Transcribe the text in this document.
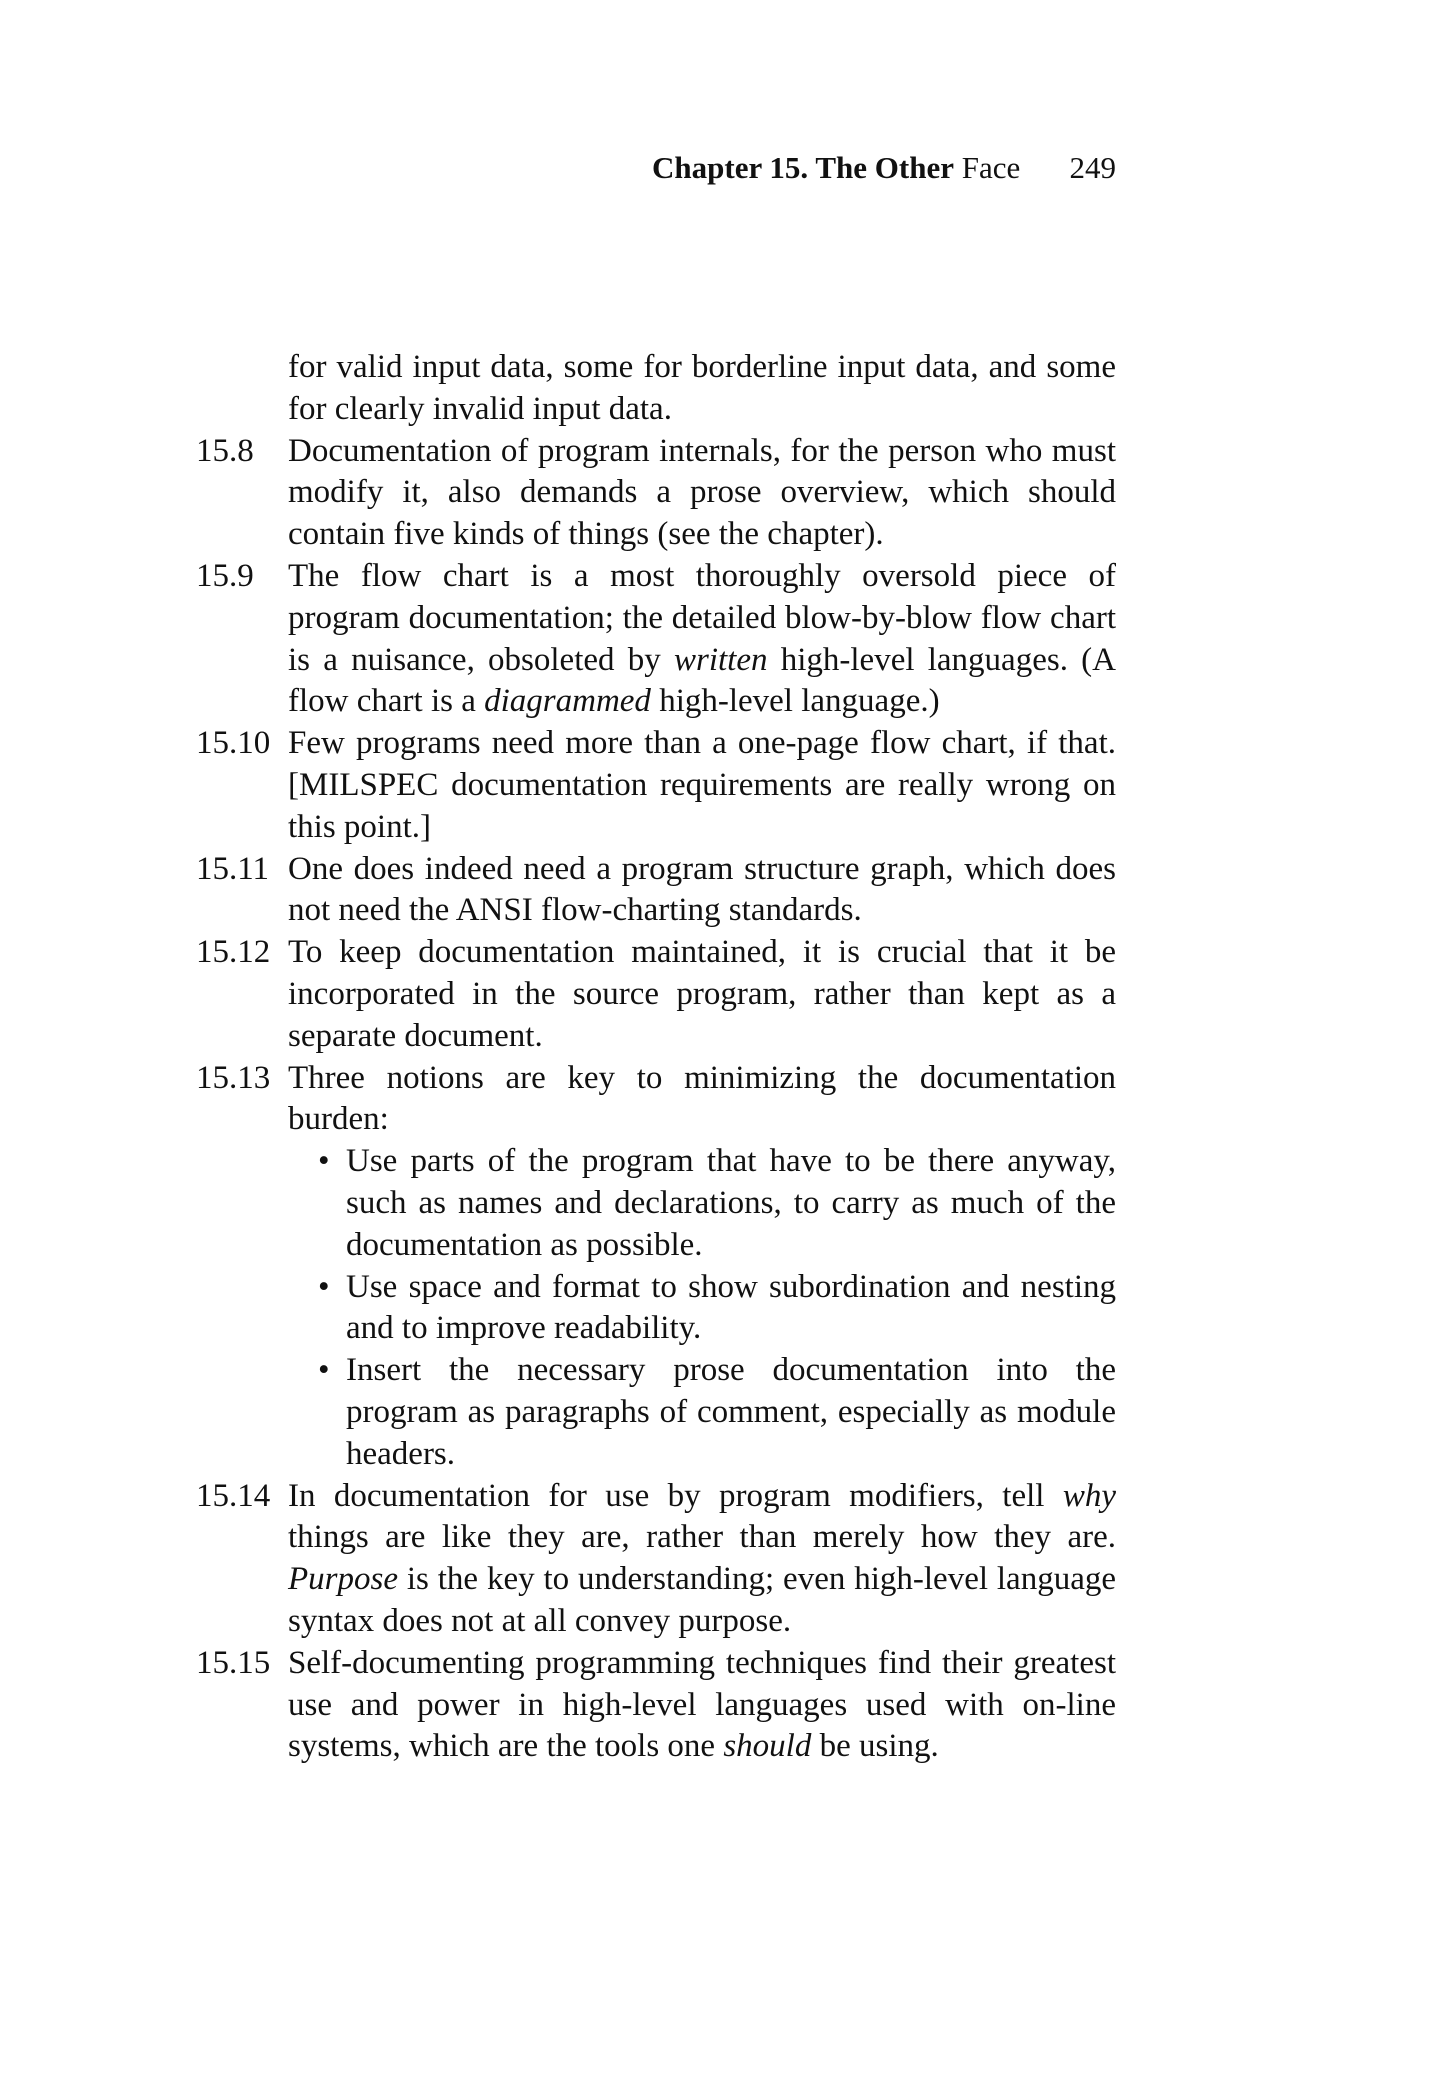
Chapter 15. The Other Face 249
for valid input data, some for borderline input data, and some for clearly invalid input data.
15.8	Documentation of program internals, for the person who must modify it, also demands a prose overview, which should contain five kinds of things (see the chapter).
15.9	The flow chart is a most thoroughly oversold piece of program documentation; the detailed blow-by-blow flow chart is a nuisance, obsoleted by written high-level languages. (A flow chart is a diagrammed high-level language.)
15.10 Few programs need more than a one-page flow chart, if that. [MILSPEC documentation requirements are really wrong on this point.]
15.11 One does indeed need a program structure graph, which does not need the ANSI flow-charting standards.
15.12 To keep documentation maintained, it is crucial that it be incorporated in the source program, rather than kept as a separate document.
15.13 Three notions are key to minimizing the documentation burden:
• Use parts of the program that have to be there anyway, such as names and declarations, to carry as much of the documentation as possible.
• Use space and format to show subordination and nesting and to improve readability.
• Insert the necessary prose documentation into the program as paragraphs of comment, especially as module headers.
15.14 In documentation for use by program modifiers, tell why things are like they are, rather than merely how they are. Purpose is the key to understanding; even high-level language syntax does not at all convey purpose.
15.15 Self-documenting programming techniques find their greatest use and power in high-level languages used with on-line systems, which are the tools one should be using.
